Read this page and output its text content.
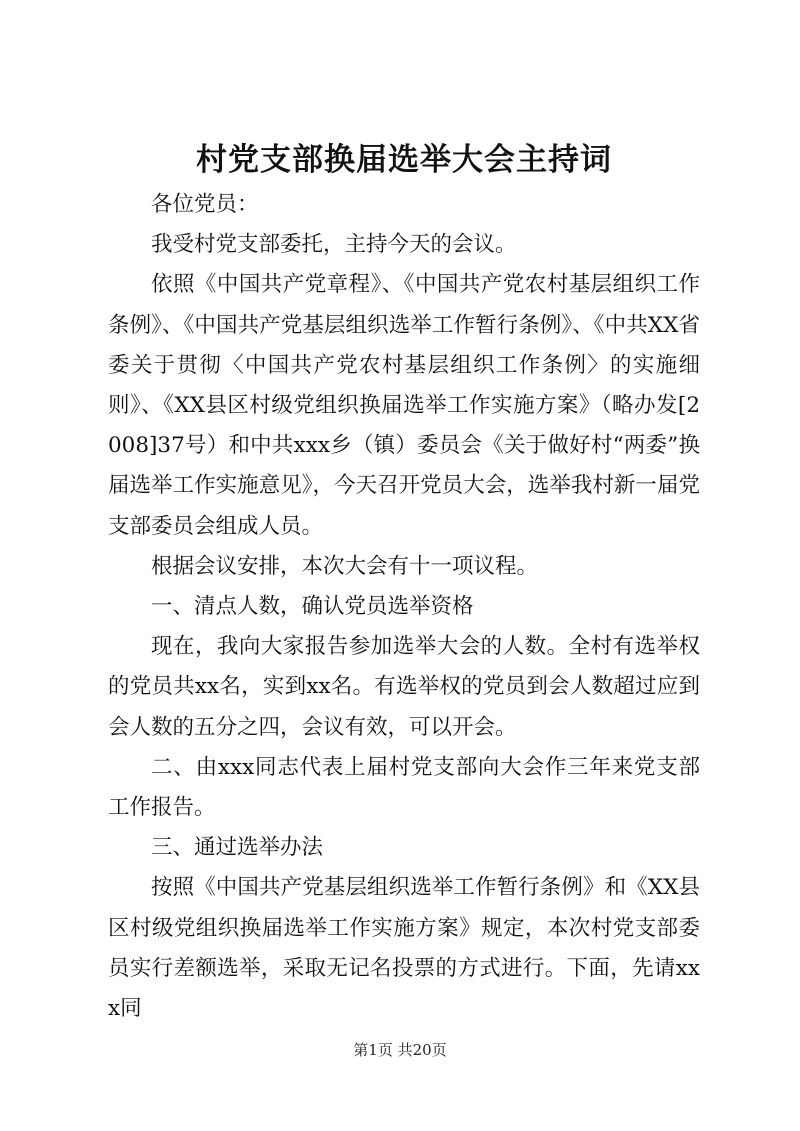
村党支部换届选举大会主持词

各位党员：

我受村党支部委托，主持今天的会议。

依照《中国共产党章程》、《中国共产党农村基层组织工作条例》、《中国共产党基层组织选举工作暂行条例》、《中共XX省委关于贯彻〈中国共产党农村基层组织工作条例〉的实施细则》、《XX县区村级党组织换届选举工作实施方案》（略办发[2008]37号）和中共xxx乡（镇）委员会《关于做好村“两委”换届选举工作实施意见》，今天召开党员大会，选举我村新一届党支部委员会组成人员。

根据会议安排，本次大会有十一项议程。

一、清点人数，确认党员选举资格

现在，我向大家报告参加选举大会的人数。全村有选举权的党员共xx名，实到xx名。有选举权的党员到会人数超过应到会人数的五分之四，会议有效，可以开会。

二、由xxx同志代表上届村党支部向大会作三年来党支部工作报告。

三、通过选举办法

按照《中国共产党基层组织选举工作暂行条例》和《XX县区村级党组织换届选举工作实施方案》规定，本次村党支部委员实行差额选举，采取无记名投票的方式进行。下面，先请xxx同

第1页 共20页
